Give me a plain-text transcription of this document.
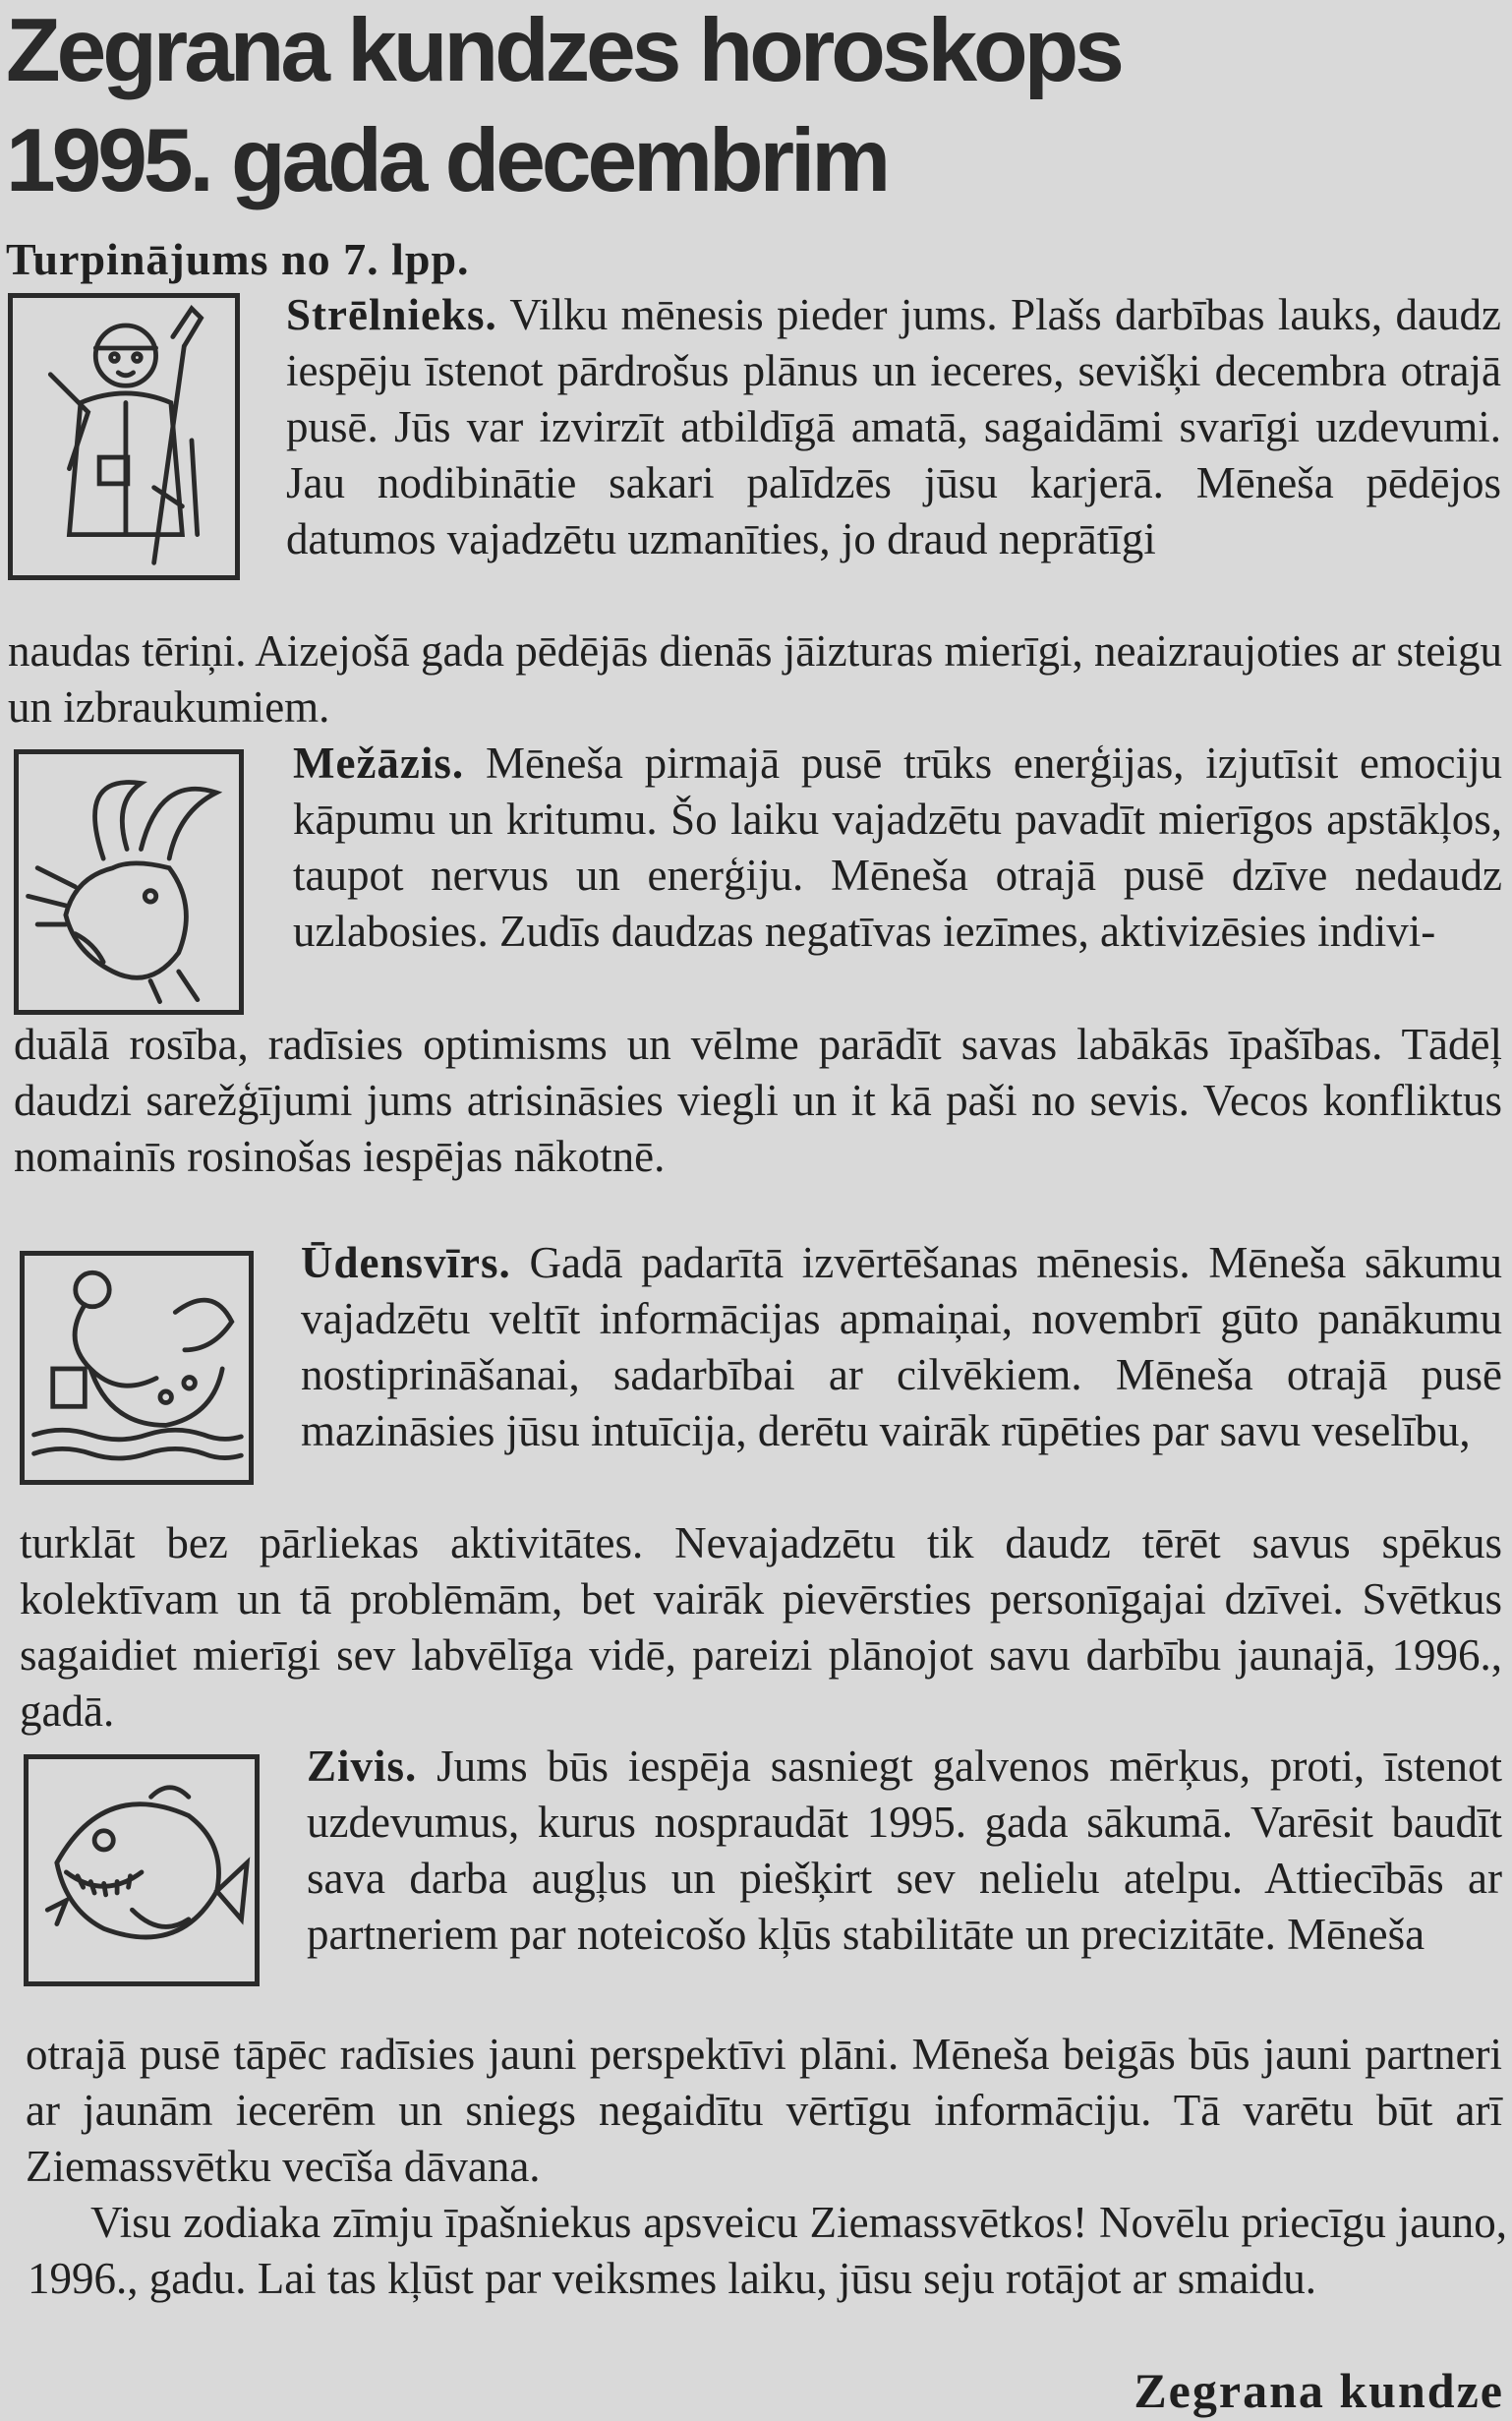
Zegrana kundzes horoskops
1995. gada decembrim

Turpinājums no 7. lpp.

Strēlnieks. Vilku mēnesis pieder jums. Plašs darbības lauks, daudz iespēju īstenot pārdrošus plānus un ieceres, sevišķi decembra otrajā pusē. Jūs var izvirzīt atbildīgā amatā, sagaidāmi svarīgi uzdevumi. Jau nodibinātie sakari palīdzēs jūsu karjerā. Mēneša pēdējos datumos vajadzētu uzmanīties, jo draud neprātīgi

naudas tēriņi. Aizejošā gada pēdējās dienās jāizturas mierīgi, neaizraujoties ar steigu un izbraukumiem.

Mežāzis. Mēneša pirmajā pusē trūks enerģijas, izjutīsit emociju kāpumu un kritumu. Šo laiku vajadzētu pavadīt mierīgos apstākļos, taupot nervus un enerģiju. Mēneša otrajā pusē dzīve nedaudz uzlabosies. Zudīs daudzas negatīvas iezīmes, aktivizēsies indivi-

duālā rosība, radīsies optimisms un vēlme parādīt savas labākās īpašības. Tādēļ daudzi sarežģījumi jums atrisināsies viegli un it kā paši no sevis. Vecos konfliktus nomainīs rosinošas iespējas nākotnē.

Ūdensvīrs. Gadā padarītā izvērtēšanas mēnesis. Mēneša sākumu vajadzētu veltīt informācijas apmaiņai, novembrī gūto panākumu nostiprināšanai, sadarbībai ar cilvēkiem. Mēneša otrajā pusē mazināsies jūsu intuīcija, derētu vairāk rūpēties par savu veselību,

turklāt bez pārliekas aktivitātes. Nevajadzētu tik daudz tērēt savus spēkus kolektīvam un tā problēmām, bet vairāk pievērsties personīgajai dzīvei. Svētkus sagaidiet mierīgi sev labvēlīga vidē, pareizi plānojot savu darbību jaunajā, 1996., gadā.

Zivis. Jums būs iespēja sasniegt galvenos mērķus, proti, īstenot uzdevumus, kurus nospraudāt 1995. gada sākumā. Varēsit baudīt sava darba augļus un piešķirt sev nelielu atelpu. Attiecībās ar partneriem par noteicošo kļūs stabilitāte un precizitāte. Mēneša

otrajā pusē tāpēc radīsies jauni perspektīvi plāni. Mēneša beigās būs jauni partneri ar jaunām iecerēm un sniegs negaidītu vērtīgu informāciju. Tā varētu būt arī Ziemassvētku vecīša dāvana.

Visu zodiaka zīmju īpašniekus apsveicu Ziemassvētkos! Novēlu priecīgu jauno, 1996., gadu. Lai tas kļūst par veiksmes laiku, jūsu seju rotājot ar smaidu.

Zegrana kundze
